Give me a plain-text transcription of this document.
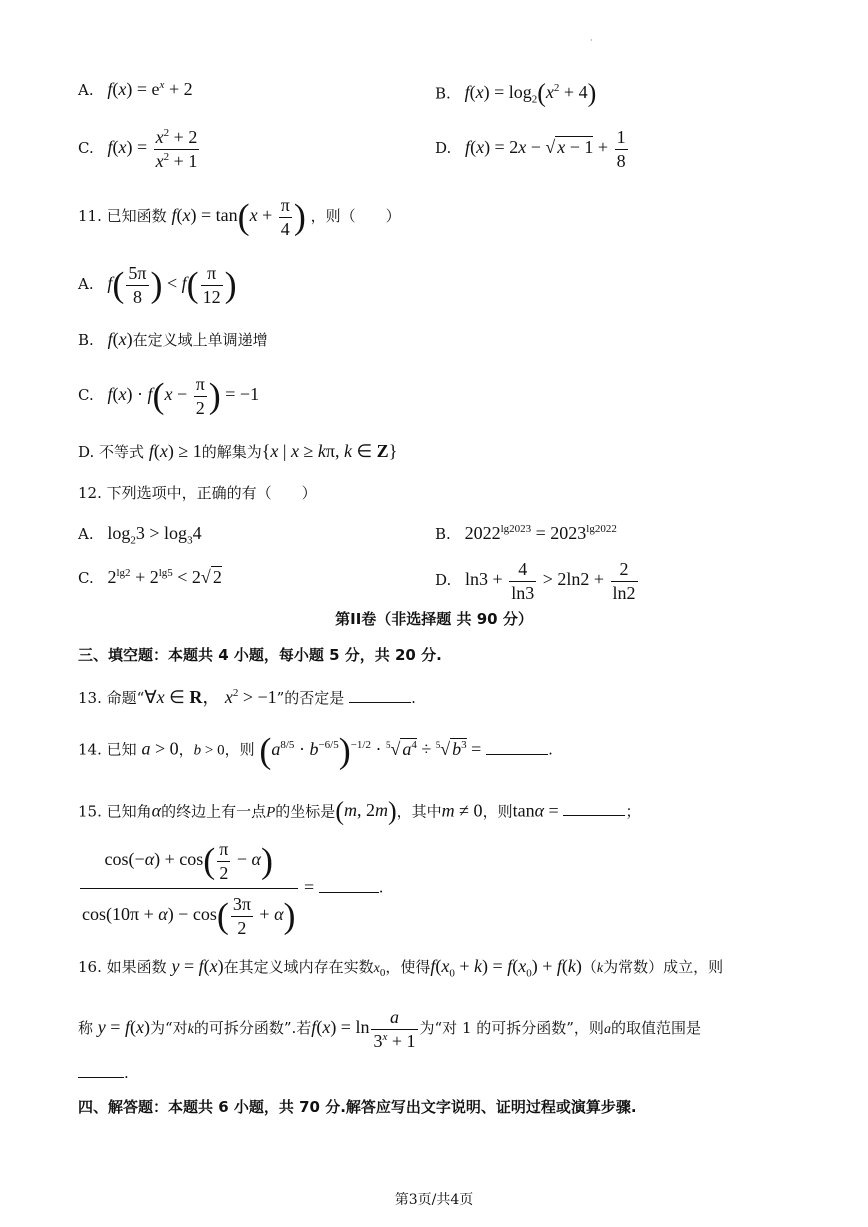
·
A. $f(x) = e^x + 2$	B. $f(x) = \log_2(x^2 + 4)$
C. $f(x) = \frac{x^2 + 2}{x^2 + 1}$	D. f(x) = 2x − √ $x - 1 + \frac{1}{8}$
11. 已知函数 $f(x) = \tan(x + \frac{\pi}{4}$ ) ，则（　　）
A. $f( \frac{5\pi}{8}$ ) < $f( \frac{\pi}{12}$ )
B. f(x)在定义域上单调递增
C. $f(x) \cdot f(x - \frac{\pi}{2}$ ) = −1
D. 不等式 f(x) ≥ 1的解集为{x | x ≥ kπ, k ∈ Z}
12. 下列选项中，正确的有（　　）
A.   $\log_23 > \log_34$	B.   $2022^{lg2023} = 2023^{lg2022}$
C.   $2^{lg2} + 2^{lg5} < 2√$ 2	D.   $\ln 3 + \frac{4}{\ln 3} > 2\ln 2 + \frac{2}{\ln 2}$
第II卷（非选择题 共 90 分）
三、填空题：本题共 4 小题，每小题 5 分，共 20 分.
13. 命题“∀x ∈ R， $x^2 > -1$”的否定是	.
14. 已知 a > 0，b > 0，则 $(a^{8/5} \cdot b^{-6/5})^{-1/2} \cdot ^5√$ $a^4 \div ^5√$ $b^3$ =	.
15. 已知角α的终边上有一点P的坐标是(m, 2m)，其中m ≠ 0，则tanα =	；
$\frac{\cos(-\alpha) + \cos( \frac{\pi}{2} - \alpha)}{\cos(10\pi + \alpha) - \cos( \frac{3\pi}{2} + \alpha)}$ =	.
16. 如果函数 y = f(x)在其定义域内存在实数$x_0$，使得$f(x_0 + k) = f(x_0) + f(k)(k$为常数）成立，则
称 y = f(x)为“对k的可拆分函数”.若$f(x) = \ln \frac{a}{3^x + 1}$ 为“对 1 的可拆分函数”，则a的取值范围是
.
四、解答题：本题共 6 小题，共 70 分.解答应写出文字说明、证明过程或演算步骤.
第3页/共4页
